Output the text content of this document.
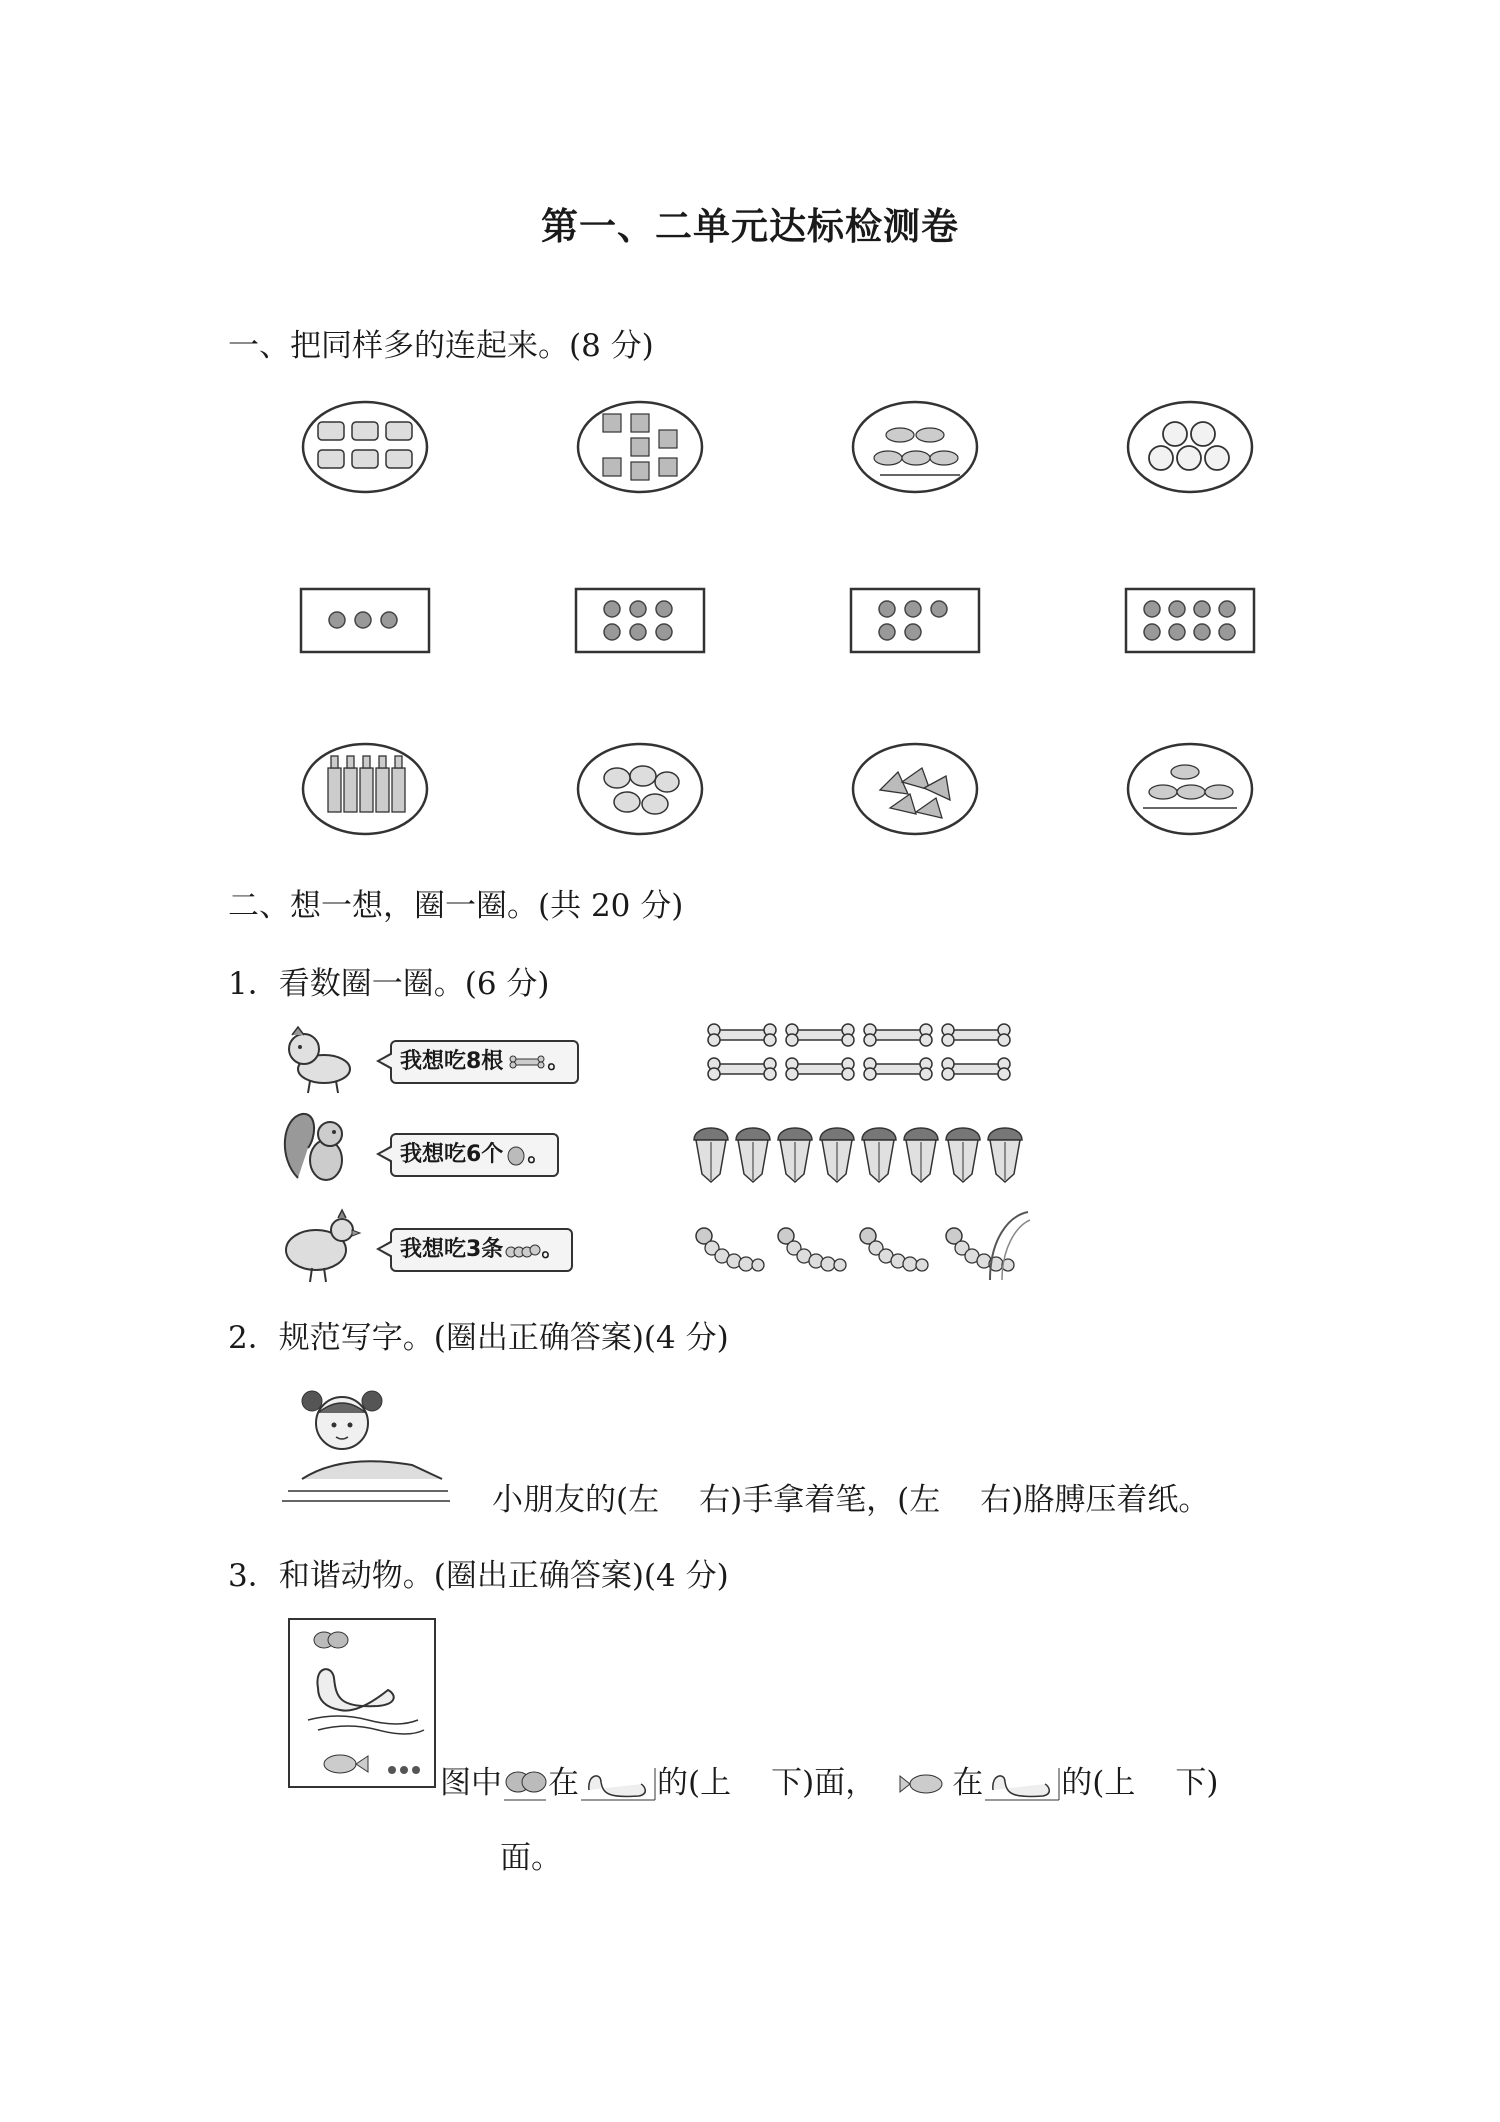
第一、二单元达标检测卷
一、把同样多的连起来。(8 分)
二、想一想，圈一圈。(共 20 分)
1．看数圈一圈。(6 分)
我想吃8根 。
我想吃6个 。
我想吃3条 。
2．规范写字。(圈出正确答案)(4 分)
小朋友的(左 右)手拿着笔，(左 右)胳膊压着纸。
3．和谐动物。(圈出正确答案)(4 分)
图中 在	的(上 下)面， 在	的(上 下)
面。
